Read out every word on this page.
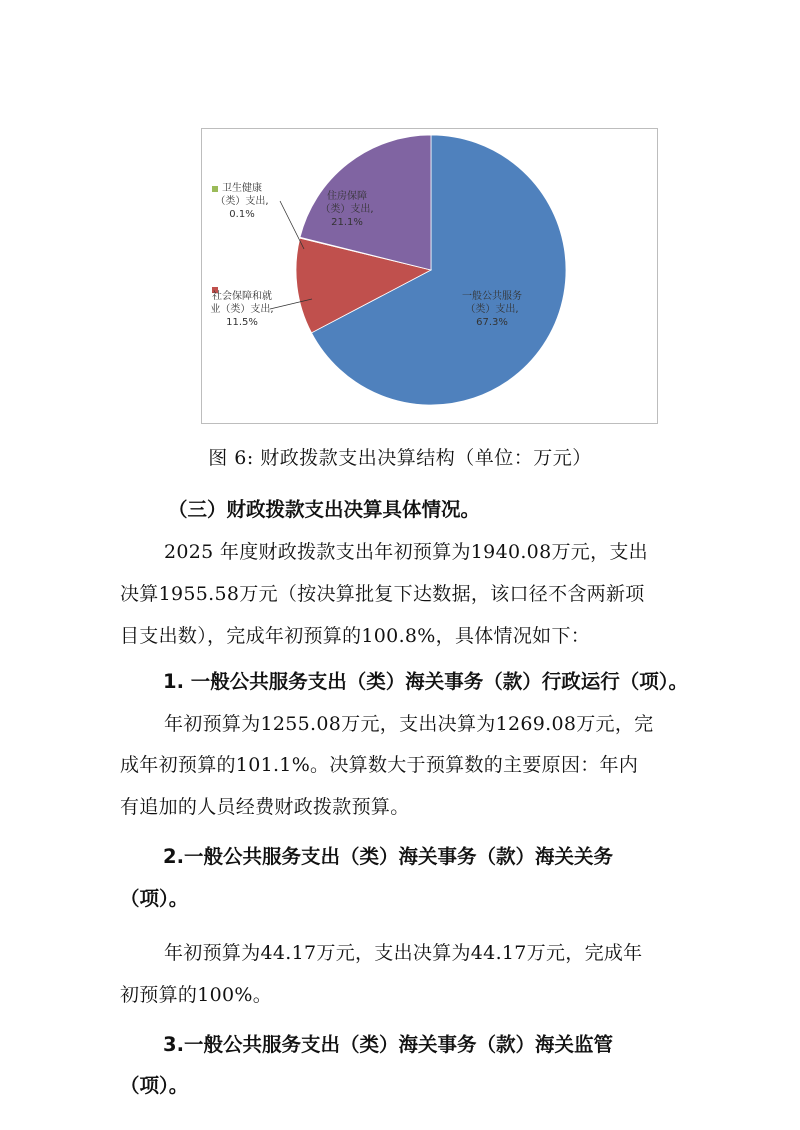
一般公共服务（类）支出, 67.3%
社会保障和就业（类）支出, 11.5%
卫生健康（类）支出, 0.1%
住房保障（类）支出, 21.1%
图 6: 财政拨款支出决算结构（单位：万元）
（三）财政拨款支出决算具体情况。
2025 年度财政拨款支出年初预算为1940.08万元，支出
决算1955.58万元（按决算批复下达数据，该口径不含两新项
目支出数），完成年初预算的100.8%，具体情况如下：
1. 一般公共服务支出（类）海关事务（款）行政运行（项）。
年初预算为1255.08万元，支出决算为1269.08万元，完
成年初预算的101.1%。决算数大于预算数的主要原因：年内
有追加的人员经费财政拨款预算。
2.一般公共服务支出（类）海关事务（款）海关关务
（项）。
年初预算为44.17万元，支出决算为44.17万元，完成年
初预算的100%。
3.一般公共服务支出（类）海关事务（款）海关监管
（项）。
